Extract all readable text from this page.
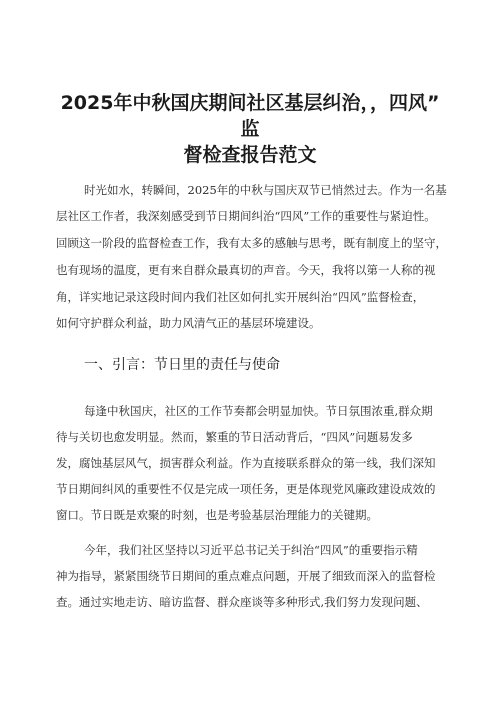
2025年中秋国庆期间社区基层纠治，，四风”
监
督检查报告范文
时光如水，转瞬间，2025年的中秋与国庆双节已悄然过去。作为一名基
层社区工作者，我深刻感受到节日期间纠治“四风”工作的重要性与紧迫性。
回顾这一阶段的监督检查工作，我有太多的感触与思考，既有制度上的坚守，
也有现场的温度，更有来自群众最真切的声音。今天，我将以第一人称的视
角，详实地记录这段时间内我们社区如何扎实开展纠治“四风”监督检查，
如何守护群众利益，助力风清气正的基层环境建设。
一、引言：节日里的责任与使命
每逢中秋国庆，社区的工作节奏都会明显加快。节日氛围浓重,群众期
待与关切也愈发明显。然而，繁重的节日活动背后，“四风”问题易发多
发，腐蚀基层风气，损害群众利益。作为直接联系群众的第一线，我们深知
节日期间纠风的重要性不仅是完成一项任务，更是体现党风廉政建设成效的
窗口。节日既是欢聚的时刻，也是考验基层治理能力的关键期。
今年，我们社区坚持以习近平总书记关于纠治“四风”的重要指示精
神为指导，紧紧围绕节日期间的重点难点问题，开展了细致而深入的监督检
查。通过实地走访、暗访监督、群众座谈等多种形式,我们努力发现问题、
